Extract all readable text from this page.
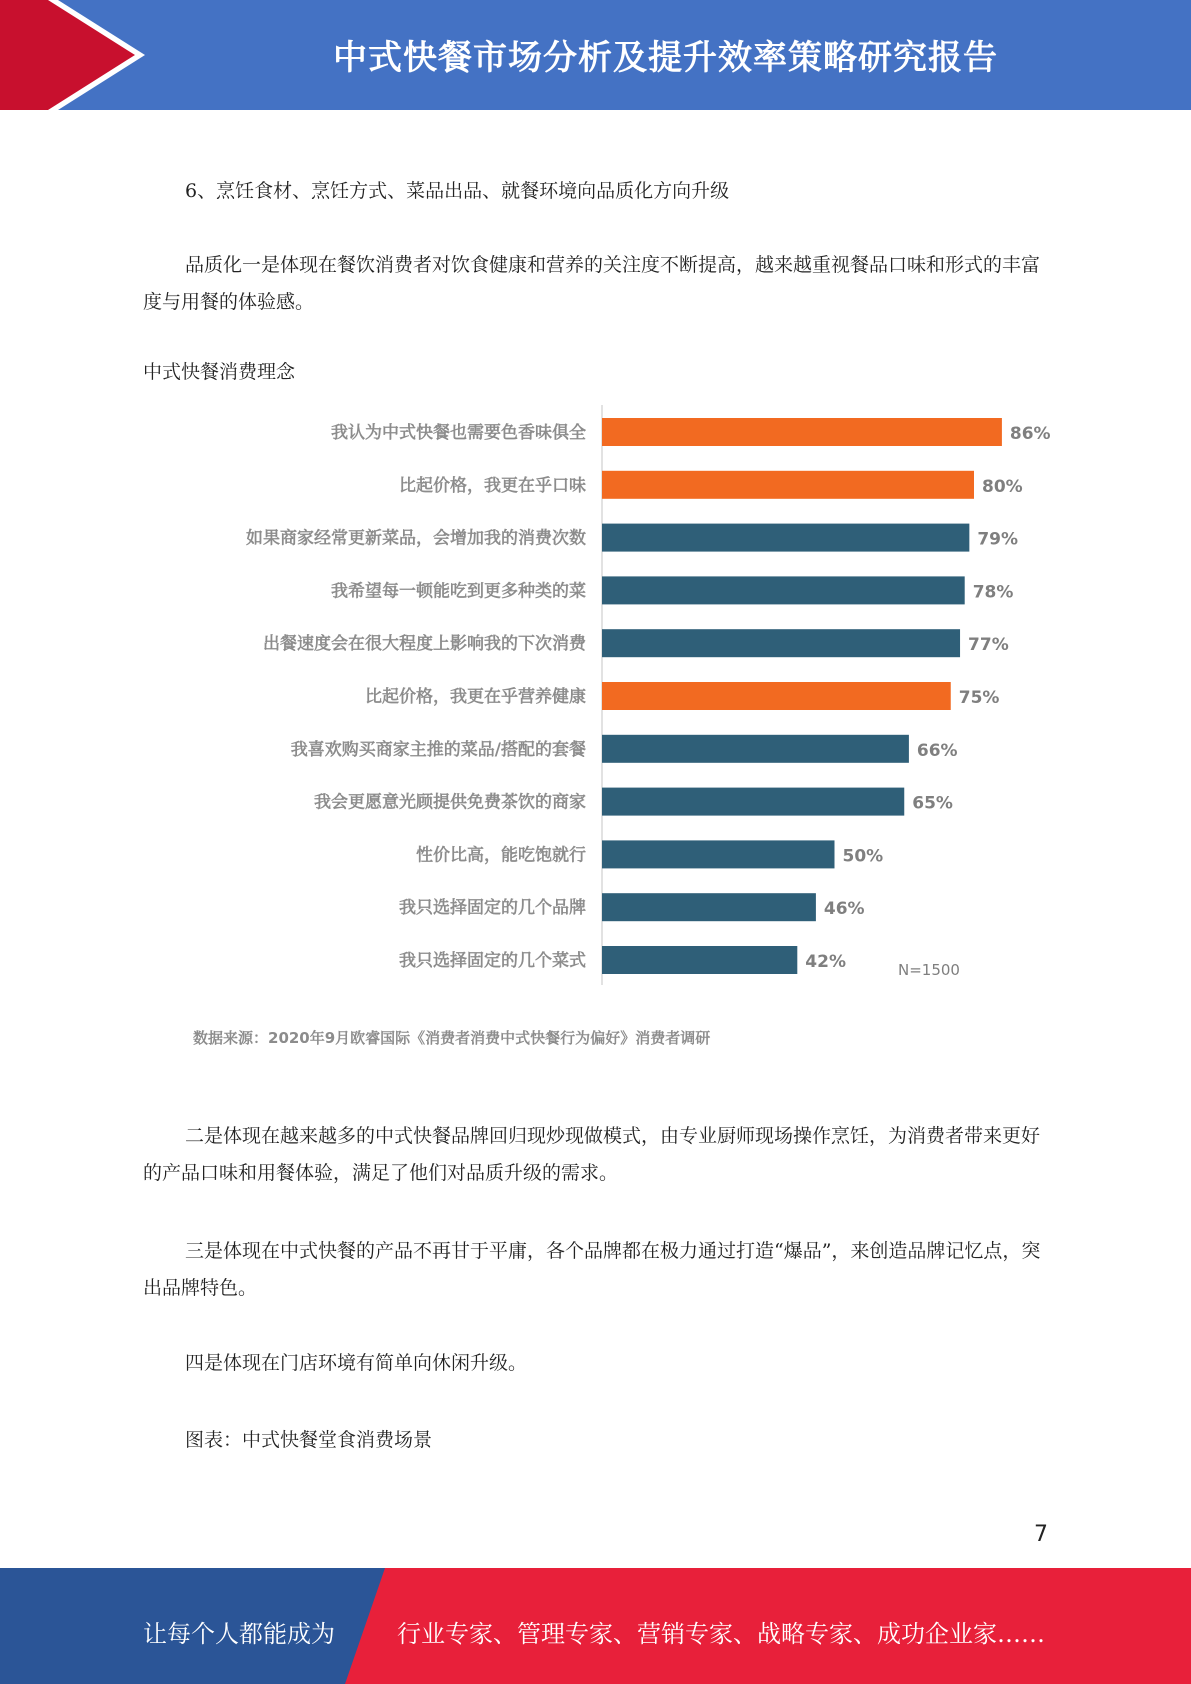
中式快餐市场分析及提升效率策略研究报告

6、烹饪食材、烹饪方式、菜品出品、就餐环境向品质化方向升级

品质化一是体现在餐饮消费者对饮食健康和营养的关注度不断提高，越来越重视餐品口味和形式的丰富度与用餐的体验感。

中式快餐消费理念
我认为中式快餐也需要色香味俱全	86%
比起价格，我更在乎口味	80%
如果商家经常更新菜品，会增加我的消费次数	79%
我希望每一顿能吃到更多种类的菜	78%
出餐速度会在很大程度上影响我的下次消费	77%
比起价格，我更在乎营养健康	75%
我喜欢购买商家主推的菜品/搭配的套餐	66%
我会更愿意光顾提供免费茶饮的商家	65%
性价比高，能吃饱就行	50%
我只选择固定的几个品牌	46%
我只选择固定的几个菜式	42%	N=1500
数据来源：2020年9月欧睿国际《消费者消费中式快餐行为偏好》消费者调研

二是体现在越来越多的中式快餐品牌回归现炒现做模式，由专业厨师现场操作烹饪，为消费者带来更好的产品口味和用餐体验，满足了他们对品质升级的需求。

三是体现在中式快餐的产品不再甘于平庸，各个品牌都在极力通过打造“爆品”，来创造品牌记忆点，突出品牌特色。

四是体现在门店环境有简单向休闲升级。

图表：中式快餐堂食消费场景

7
让每个人都能成为	行业专家、管理专家、营销专家、战略专家、成功企业家……
